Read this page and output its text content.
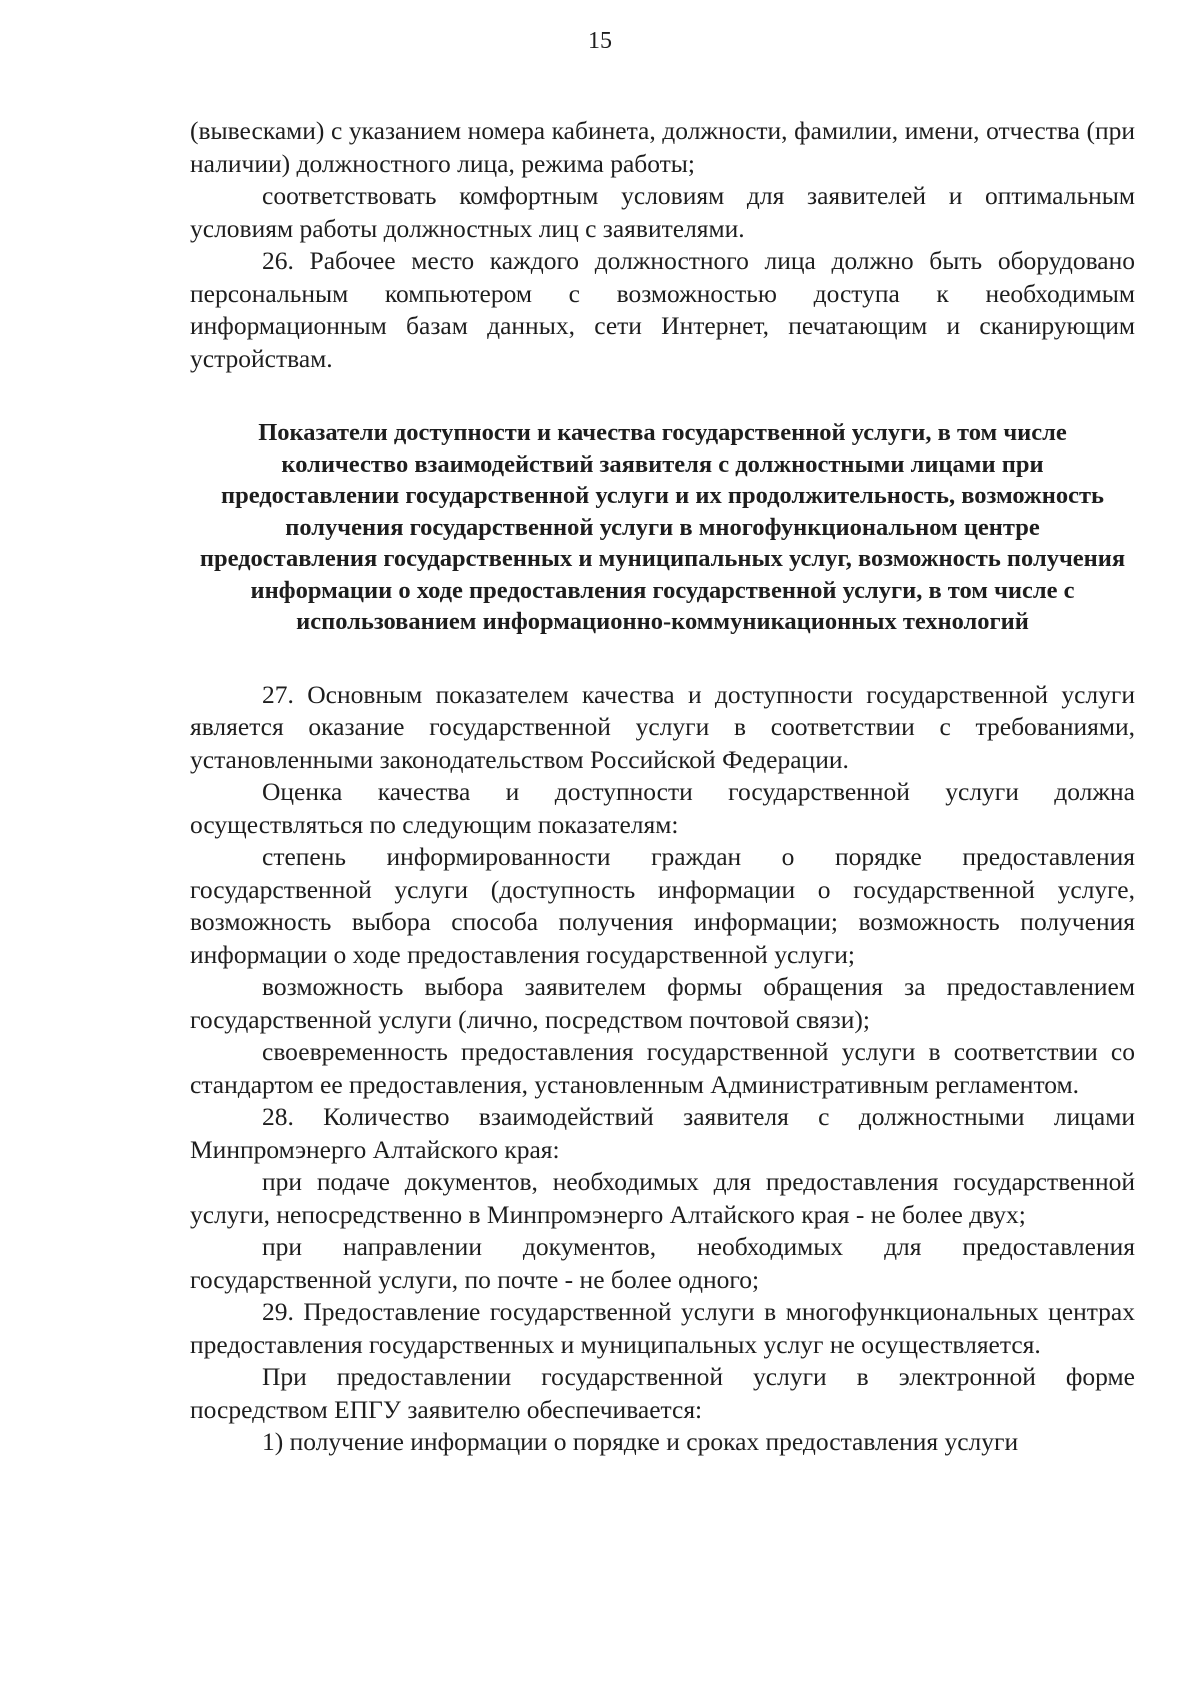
15

(вывесками) с указанием номера кабинета, должности, фамилии, имени, отчества (при наличии) должностного лица, режима работы;

соответствовать комфортным условиям для заявителей и оптимальным условиям работы должностных лиц с заявителями.

26. Рабочее место каждого должностного лица должно быть оборудовано персональным компьютером с возможностью доступа к необходимым информационным базам данных, сети Интернет, печатающим и сканирующим устройствам.

Показатели доступности и качества государственной услуги, в том числе количество взаимодействий заявителя с должностными лицами при предоставлении государственной услуги и их продолжительность, возможность получения государственной услуги в многофункциональном центре предоставления государственных и муниципальных услуг, возможность получения информации о ходе предоставления государственной услуги, в том числе с использованием информационно-коммуникационных технологий

27. Основным показателем качества и доступности государственной услуги является оказание государственной услуги в соответствии с требованиями, установленными законодательством Российской Федерации.

Оценка качества и доступности государственной услуги должна осуществляться по следующим показателям:

степень информированности граждан о порядке предоставления государственной услуги (доступность информации о государственной услуге, возможность выбора способа получения информации; возможность получения информации о ходе предоставления государственной услуги;

возможность выбора заявителем формы обращения за предоставлением государственной услуги (лично, посредством почтовой связи);

своевременность предоставления государственной услуги в соответствии со стандартом ее предоставления, установленным Административным регламентом.

28. Количество взаимодействий заявителя с должностными лицами Минпромэнерго Алтайского края:

при подаче документов, необходимых для предоставления государственной услуги, непосредственно в Минпромэнерго Алтайского края - не более двух;

при направлении документов, необходимых для предоставления государственной услуги, по почте - не более одного;

29. Предоставление государственной услуги в многофункциональных центрах предоставления государственных и муниципальных услуг не осуществляется.

При предоставлении государственной услуги в электронной форме посредством ЕПГУ заявителю обеспечивается:

1) получение информации о порядке и сроках предоставления услуги
